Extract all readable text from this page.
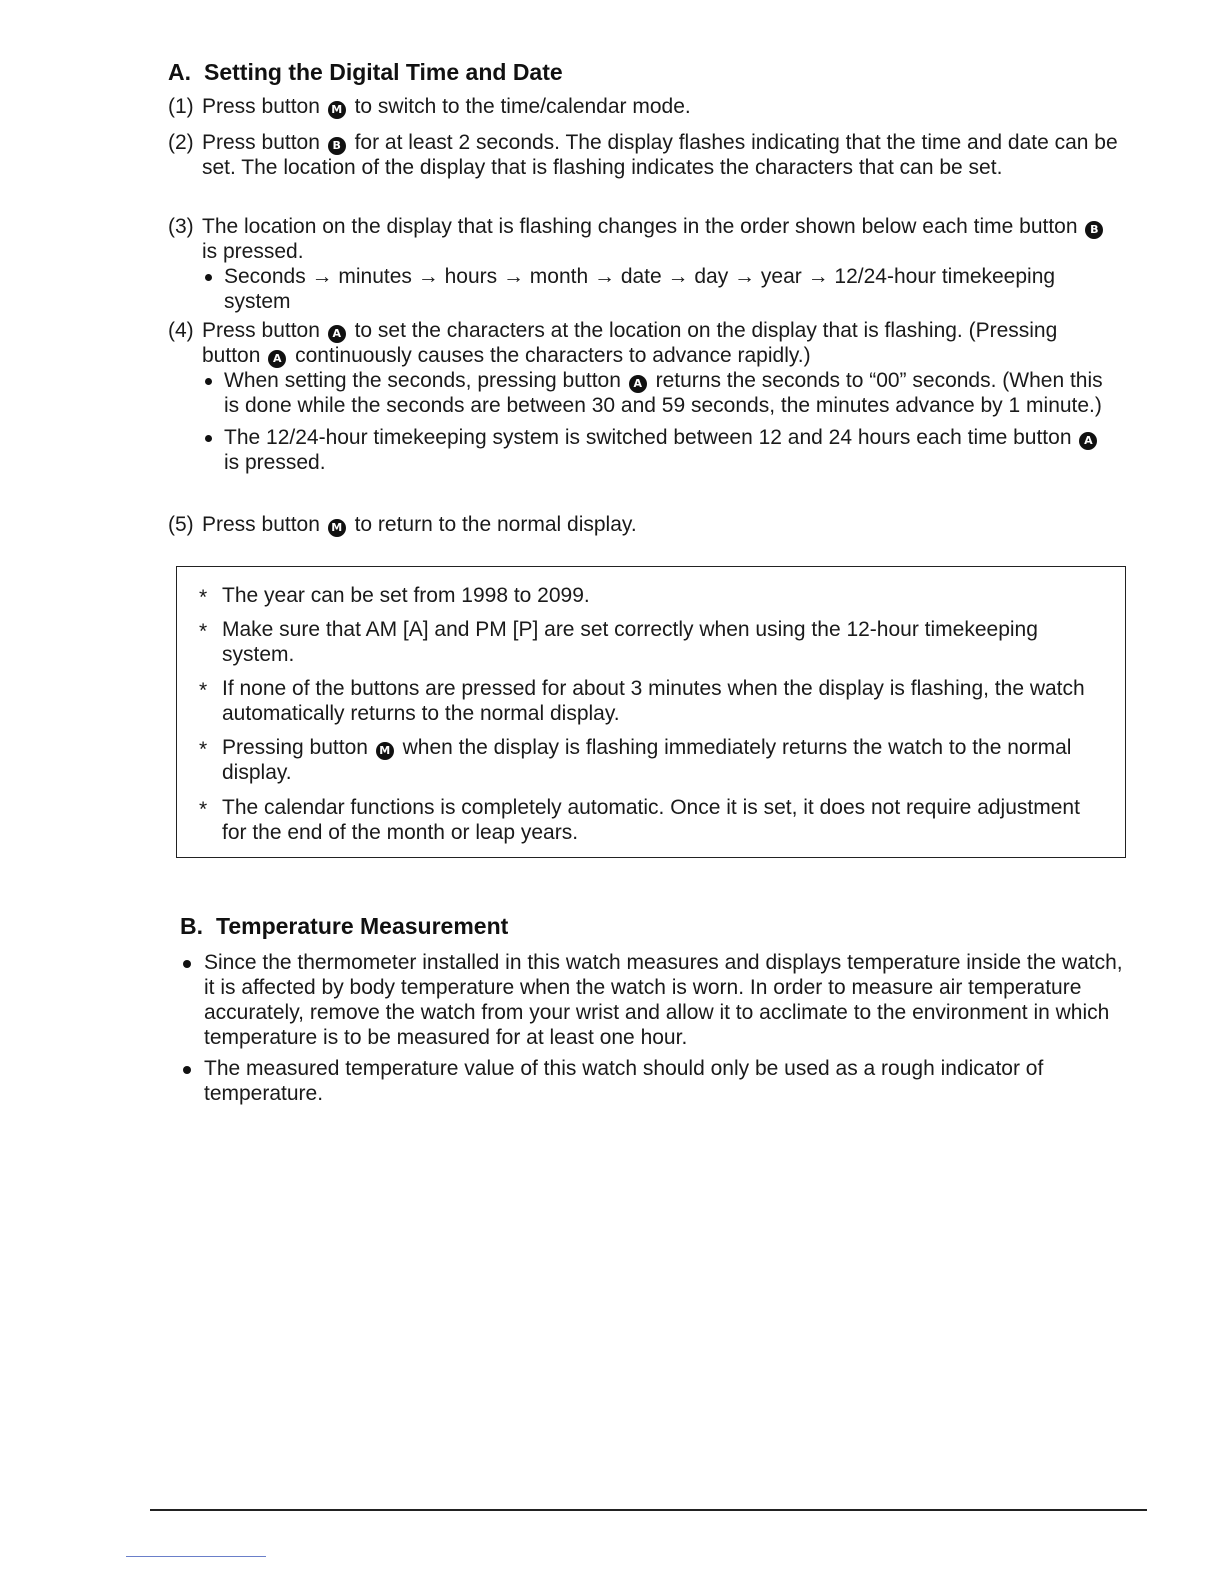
A. Setting the Digital Time and Date
(1) Press button M to switch to the time/calendar mode.
(2) Press button B for at least 2 seconds. The display flashes indicating that the time and date can be set. The location of the display that is flashing indicates the characters that can be set.
(3) The location on the display that is flashing changes in the order shown below each time button B is pressed.
Seconds → minutes → hours → month → date → day → year → 12/24-hour timekeeping system
(4) Press button A to set the characters at the location on the display that is flashing. (Pressing button A continuously causes the characters to advance rapidly.)
When setting the seconds, pressing button A returns the seconds to “00” seconds. (When this is done while the seconds are between 30 and 59 seconds, the minutes advance by 1 minute.)
The 12/24-hour timekeeping system is switched between 12 and 24 hours each time button A is pressed.
(5) Press button M to return to the normal display.
* The year can be set from 1998 to 2099.
* Make sure that AM [A] and PM [P] are set correctly when using the 12-hour timekeeping system.
* If none of the buttons are pressed for about 3 minutes when the display is flashing, the watch automatically returns to the normal display.
* Pressing button M when the display is flashing immediately returns the watch to the normal display.
* The calendar functions is completely automatic. Once it is set, it does not require adjustment for the end of the month or leap years.
B. Temperature Measurement
Since the thermometer installed in this watch measures and displays temperature inside the watch, it is affected by body temperature when the watch is worn. In order to measure air temperature accurately, remove the watch from your wrist and allow it to acclimate to the environment in which temperature is to be measured for at least one hour.
The measured temperature value of this watch should only be used as a rough indicator of temperature.
